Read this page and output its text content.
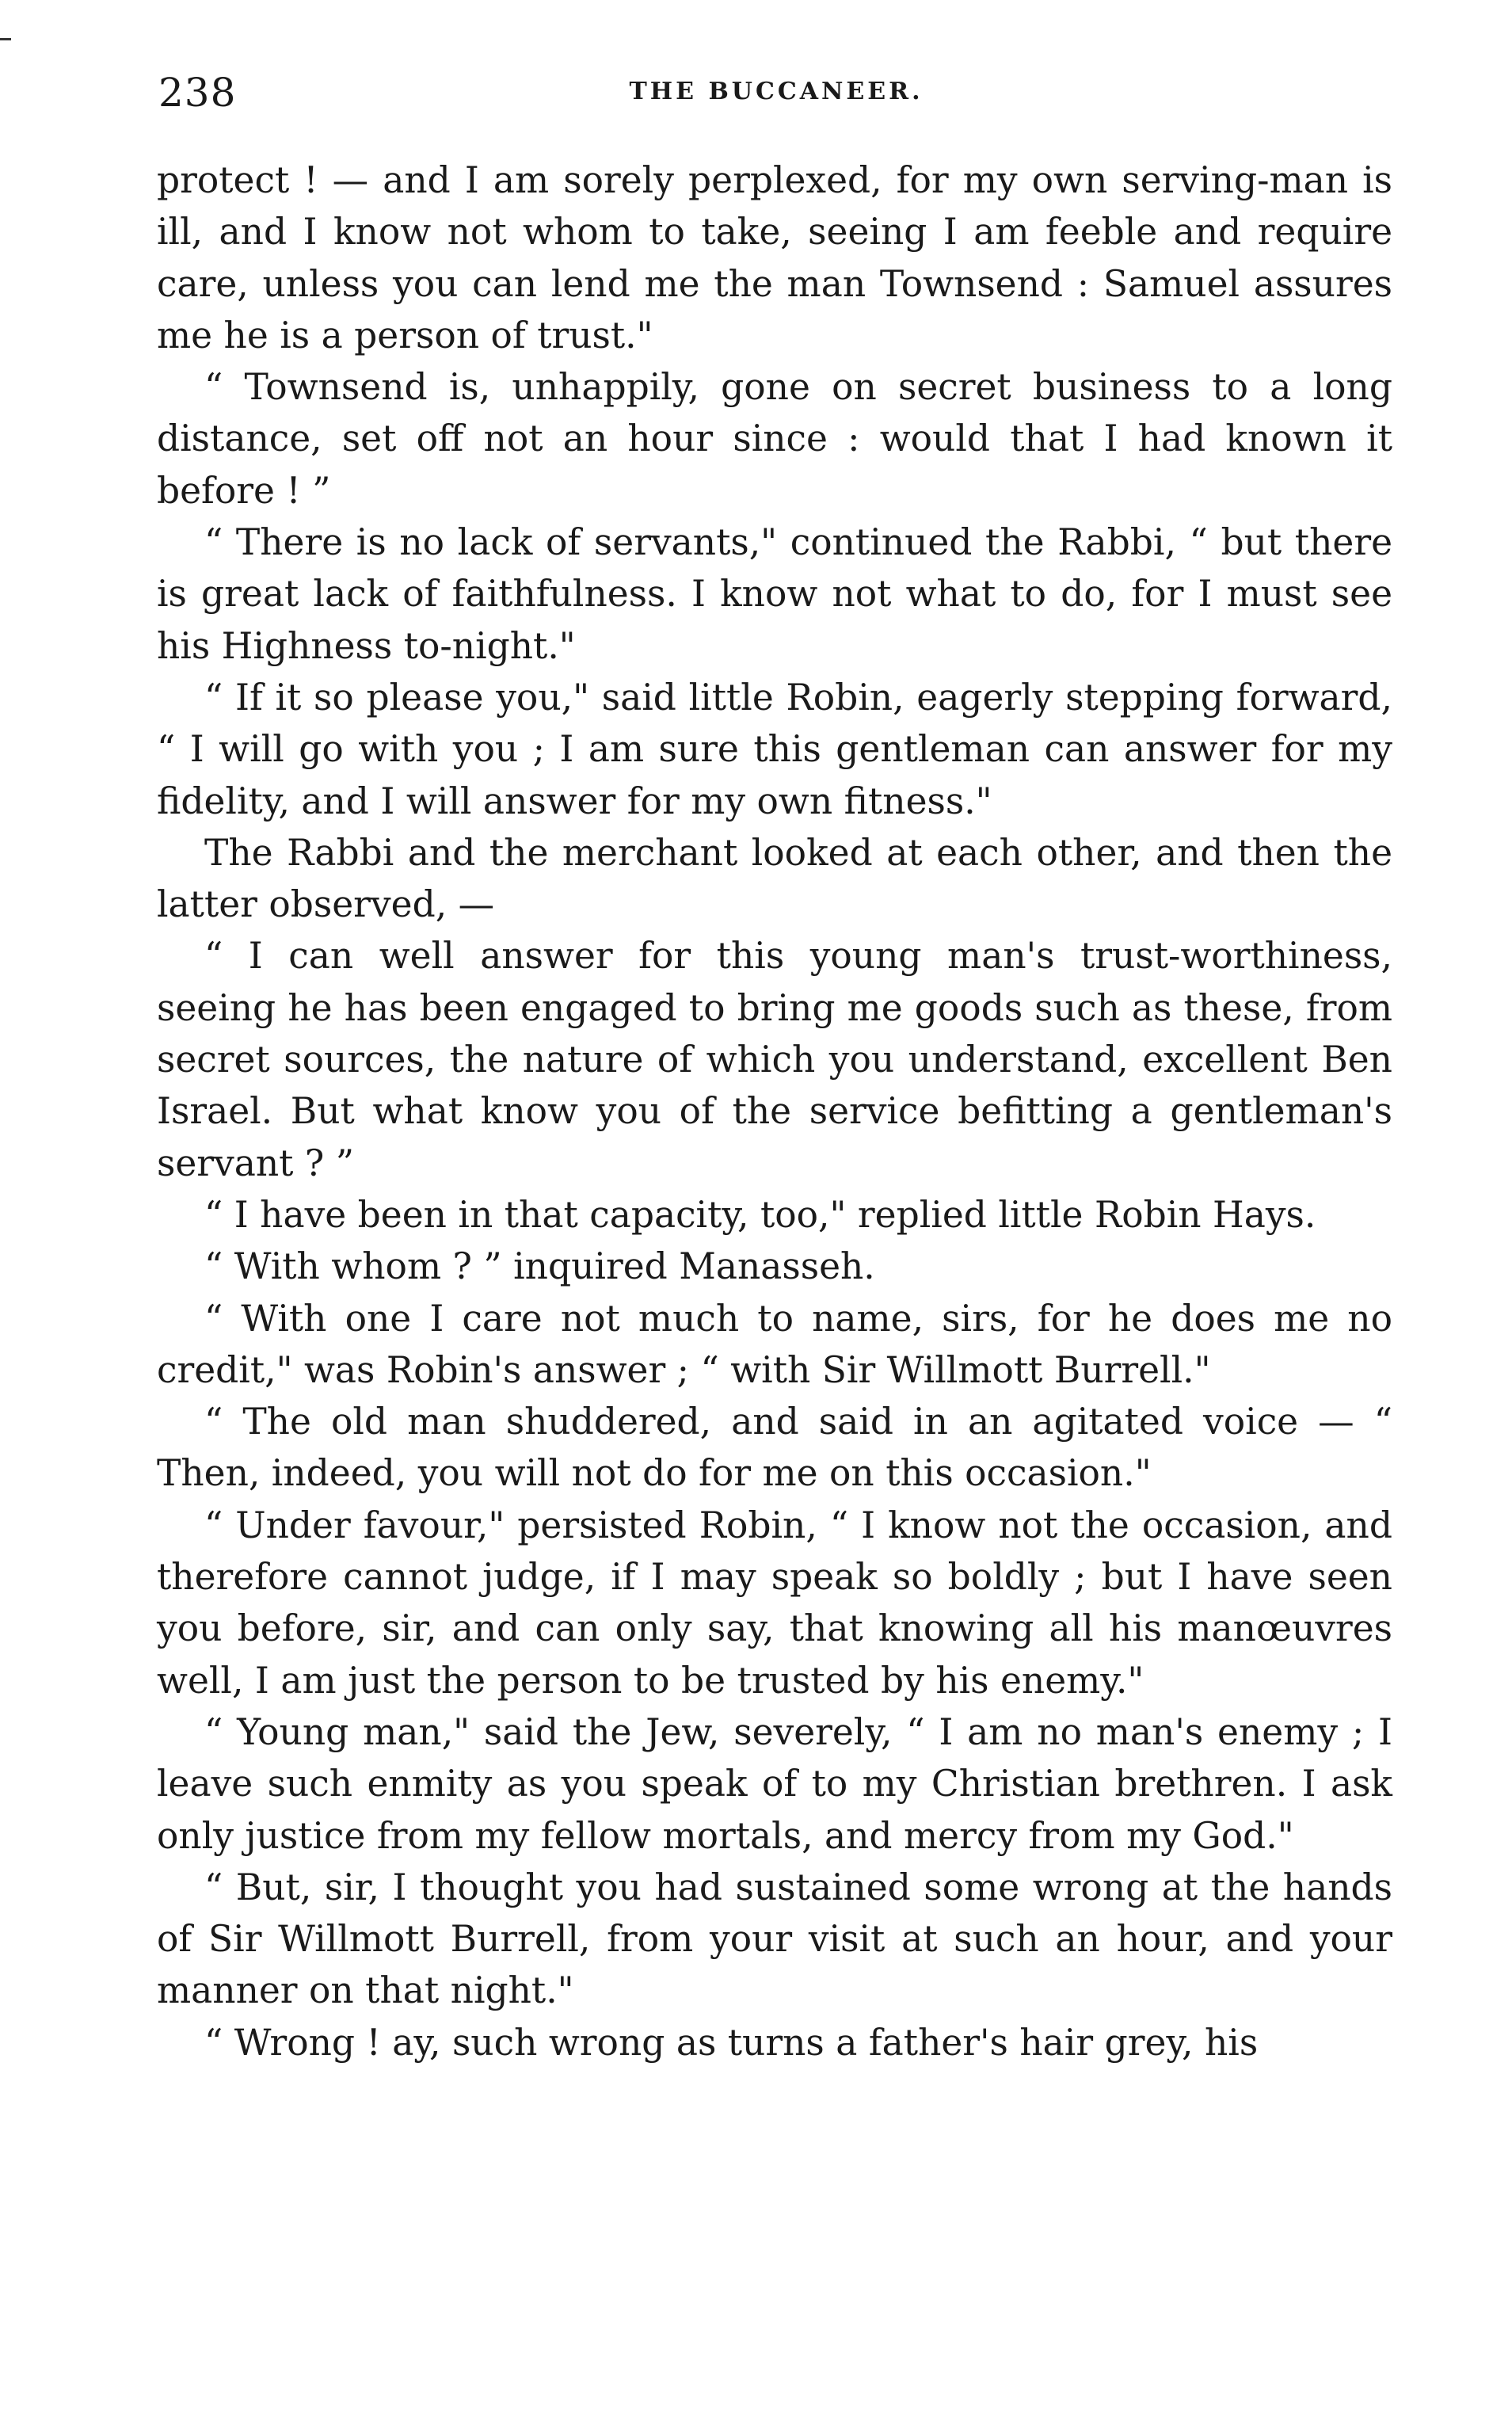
238	THE BUCCANEER.

protect ! — and I am sorely perplexed, for my own serving-man is ill, and I know not whom to take, seeing I am feeble and require care, unless you can lend me the man Townsend : Samuel assures me he is a person of trust."

“ Townsend is, unhappily, gone on secret business to a long distance, set off not an hour since : would that I had known it before ! ”

“ There is no lack of servants," continued the Rabbi, “ but there is great lack of faithfulness. I know not what to do, for I must see his Highness to-night."

“ If it so please you," said little Robin, eagerly stepping forward, “ I will go with you ; I am sure this gentleman can answer for my fidelity, and I will answer for my own fitness."

The Rabbi and the merchant looked at each other, and then the latter observed, —

“ I can well answer for this young man's trust-worthiness, seeing he has been engaged to bring me goods such as these, from secret sources, the nature of which you understand, excellent Ben Israel. But what know you of the service befitting a gentleman's servant ? ”

“ I have been in that capacity, too," replied little Robin Hays.

“ With whom ? ” inquired Manasseh.

“ With one I care not much to name, sirs, for he does me no credit," was Robin's answer ; “ with Sir Willmott Burrell."

“ The old man shuddered, and said in an agitated voice — “ Then, indeed, you will not do for me on this occasion."

“ Under favour," persisted Robin, “ I know not the occasion, and therefore cannot judge, if I may speak so boldly ; but I have seen you before, sir, and can only say, that knowing all his manœuvres well, I am just the person to be trusted by his enemy."

“ Young man," said the Jew, severely, “ I am no man's enemy ; I leave such enmity as you speak of to my Christian brethren. I ask only justice from my fellow mortals, and mercy from my God."

“ But, sir, I thought you had sustained some wrong at the hands of Sir Willmott Burrell, from your visit at such an hour, and your manner on that night."

“ Wrong ! ay, such wrong as turns a father's hair grey, his
